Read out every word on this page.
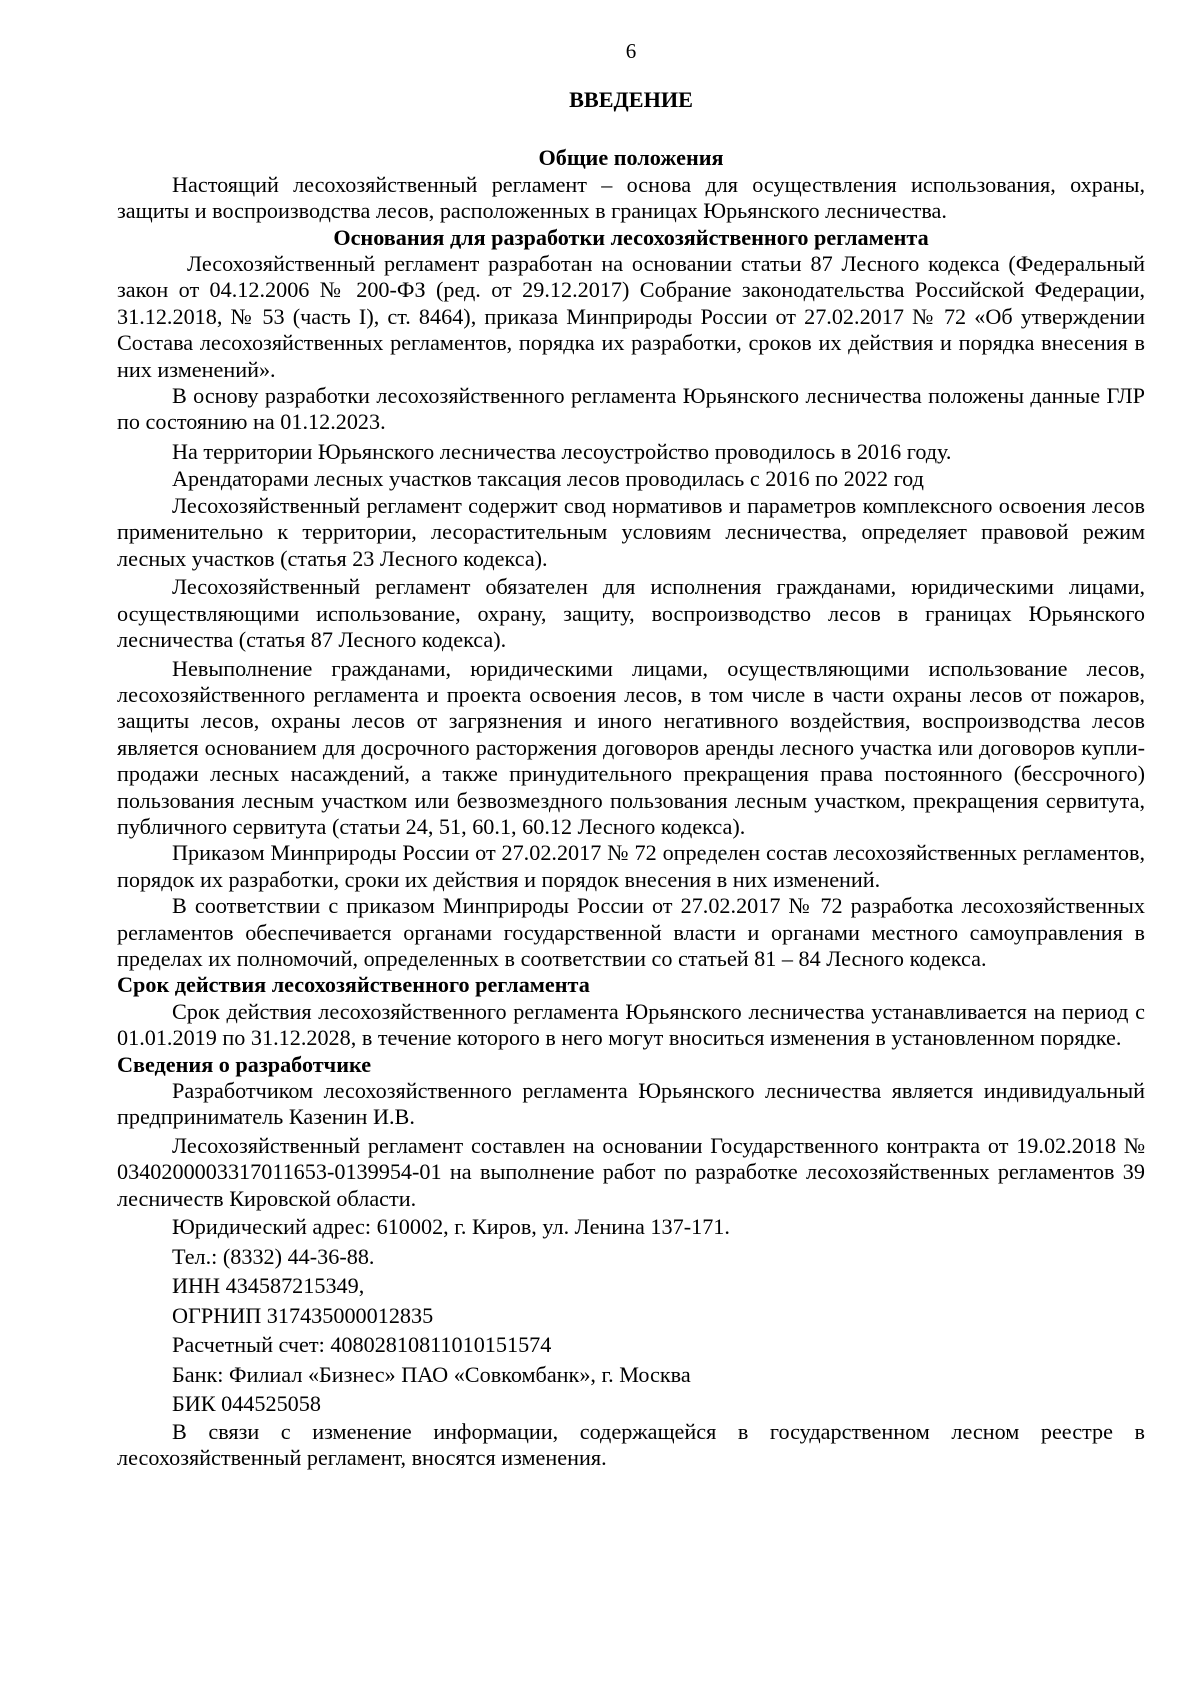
6

ВВЕДЕНИЕ
Общие положения

Настоящий лесохозяйственный регламент – основа для осуществления использования, охраны, защиты и воспроизводства лесов, расположенных в границах Юрьянского лесничества.

Основания для разработки лесохозяйственного регламента

Лесохозяйственный регламент разработан на основании статьи 87 Лесного кодекса (Федеральный закон от 04.12.2006 № 200-ФЗ (ред. от 29.12.2017) Собрание законодательства Российской Федерации, 31.12.2018, № 53 (часть I), ст. 8464), приказа Минприроды России от 27.02.2017 № 72 «Об утверждении Состава лесохозяйственных регламентов, порядка их разработки, сроков их действия и порядка внесения в них изменений».

В основу разработки лесохозяйственного регламента Юрьянского лесничества положены данные ГЛР по состоянию на 01.12.2023.

На территории Юрьянского лесничества лесоустройство проводилось в 2016 году.

Арендаторами лесных участков таксация лесов проводилась с 2016 по 2022 год

Лесохозяйственный регламент содержит свод нормативов и параметров комплексного освоения лесов применительно к территории, лесорастительным условиям лесничества, определяет правовой режим лесных участков (статья 23 Лесного кодекса).

Лесохозяйственный регламент обязателен для исполнения гражданами, юридическими лицами, осуществляющими использование, охрану, защиту, воспроизводство лесов в границах Юрьянского лесничества (статья 87 Лесного кодекса).

Невыполнение гражданами, юридическими лицами, осуществляющими использование лесов, лесохозяйственного регламента и проекта освоения лесов, в том числе в части охраны лесов от пожаров, защиты лесов, охраны лесов от загрязнения и иного негативного воздействия, воспроизводства лесов является основанием для досрочного расторжения договоров аренды лесного участка или договоров купли-продажи лесных насаждений, а также принудительного прекращения права постоянного (бессрочного) пользования лесным участком или безвозмездного пользования лесным участком, прекращения сервитута, публичного сервитута (статьи 24, 51, 60.1, 60.12 Лесного кодекса).

Приказом Минприроды России от 27.02.2017 № 72 определен состав лесохозяйственных регламентов, порядок их разработки, сроки их действия и порядок внесения в них изменений.

В соответствии с приказом Минприроды России от 27.02.2017 № 72 разработка лесохозяйственных регламентов обеспечивается органами государственной власти и органами местного самоуправления в пределах их полномочий, определенных в соответствии со статьей 81 – 84 Лесного кодекса.

Срок действия лесохозяйственного регламента

Срок действия лесохозяйственного регламента Юрьянского лесничества устанавливается на период с 01.01.2019 по 31.12.2028, в течение которого в него могут вноситься изменения в установленном порядке.

Сведения о разработчике

Разработчиком лесохозяйственного регламента Юрьянского лесничества является индивидуальный предприниматель Казенин И.В.

Лесохозяйственный регламент составлен на основании Государственного контракта от 19.02.2018 № 0340200003317011653-0139954-01 на выполнение работ по разработке лесохозяйственных регламентов 39 лесничеств Кировской области.

Юридический адрес: 610002, г. Киров, ул. Ленина 137-171.

Тел.: (8332) 44-36-88.

ИНН 434587215349,

ОГРНИП 317435000012835

Расчетный счет: 40802810811010151574

Банк: Филиал «Бизнес» ПАО «Совкомбанк», г. Москва

БИК 044525058

В связи с изменение информации, содержащейся в государственном лесном реестре в лесохозяйственный регламент, вносятся изменения.
